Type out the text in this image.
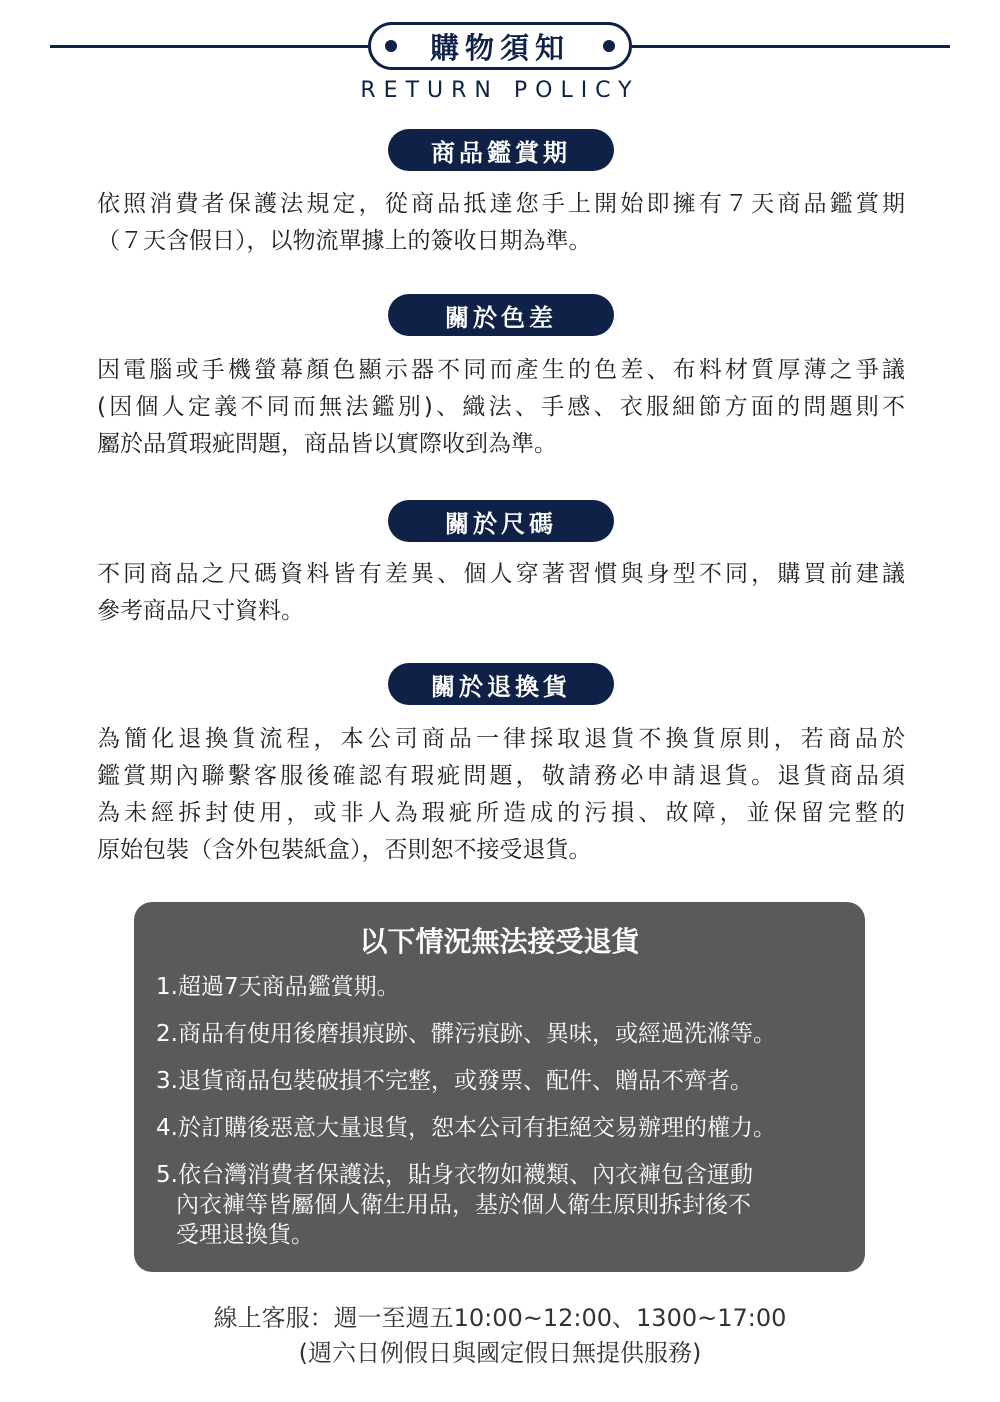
購物須知
RETURN POLICY
商品鑑賞期
依照消費者保護法規定，從商品抵達您手上開始即擁有７天商品鑑賞期
（７天含假日），以物流單據上的簽收日期為準。
關於色差
因電腦或手機螢幕顏色顯示器不同而產生的色差、布料材質厚薄之爭議
(因個人定義不同而無法鑑別)、織法、手感、衣服細節方面的問題則不
屬於品質瑕疵問題，商品皆以實際收到為準。
關於尺碼
不同商品之尺碼資料皆有差異、個人穿著習慣與身型不同，購買前建議
參考商品尺寸資料。
關於退換貨
為簡化退換貨流程，本公司商品一律採取退貨不換貨原則，若商品於
鑑賞期內聯繫客服後確認有瑕疵問題，敬請務必申請退貨。退貨商品須
為未經拆封使用，或非人為瑕疵所造成的污損、故障，並保留完整的
原始包裝（含外包裝紙盒），否則恕不接受退貨。
以下情況無法接受退貨
1.超過7天商品鑑賞期。
2.商品有使用後磨損痕跡、髒污痕跡、異味，或經過洗滌等。
3.退貨商品包裝破損不完整，或發票、配件、贈品不齊者。
4.於訂購後惡意大量退貨，恕本公司有拒絕交易辦理的權力。
5.依台灣消費者保護法，貼身衣物如襪類、內衣褲包含運動
內衣褲等皆屬個人衛生用品，基於個人衛生原則拆封後不
受理退換貨。
線上客服：週一至週五10:00~12:00、1300~17:00
(週六日例假日與國定假日無提供服務)
